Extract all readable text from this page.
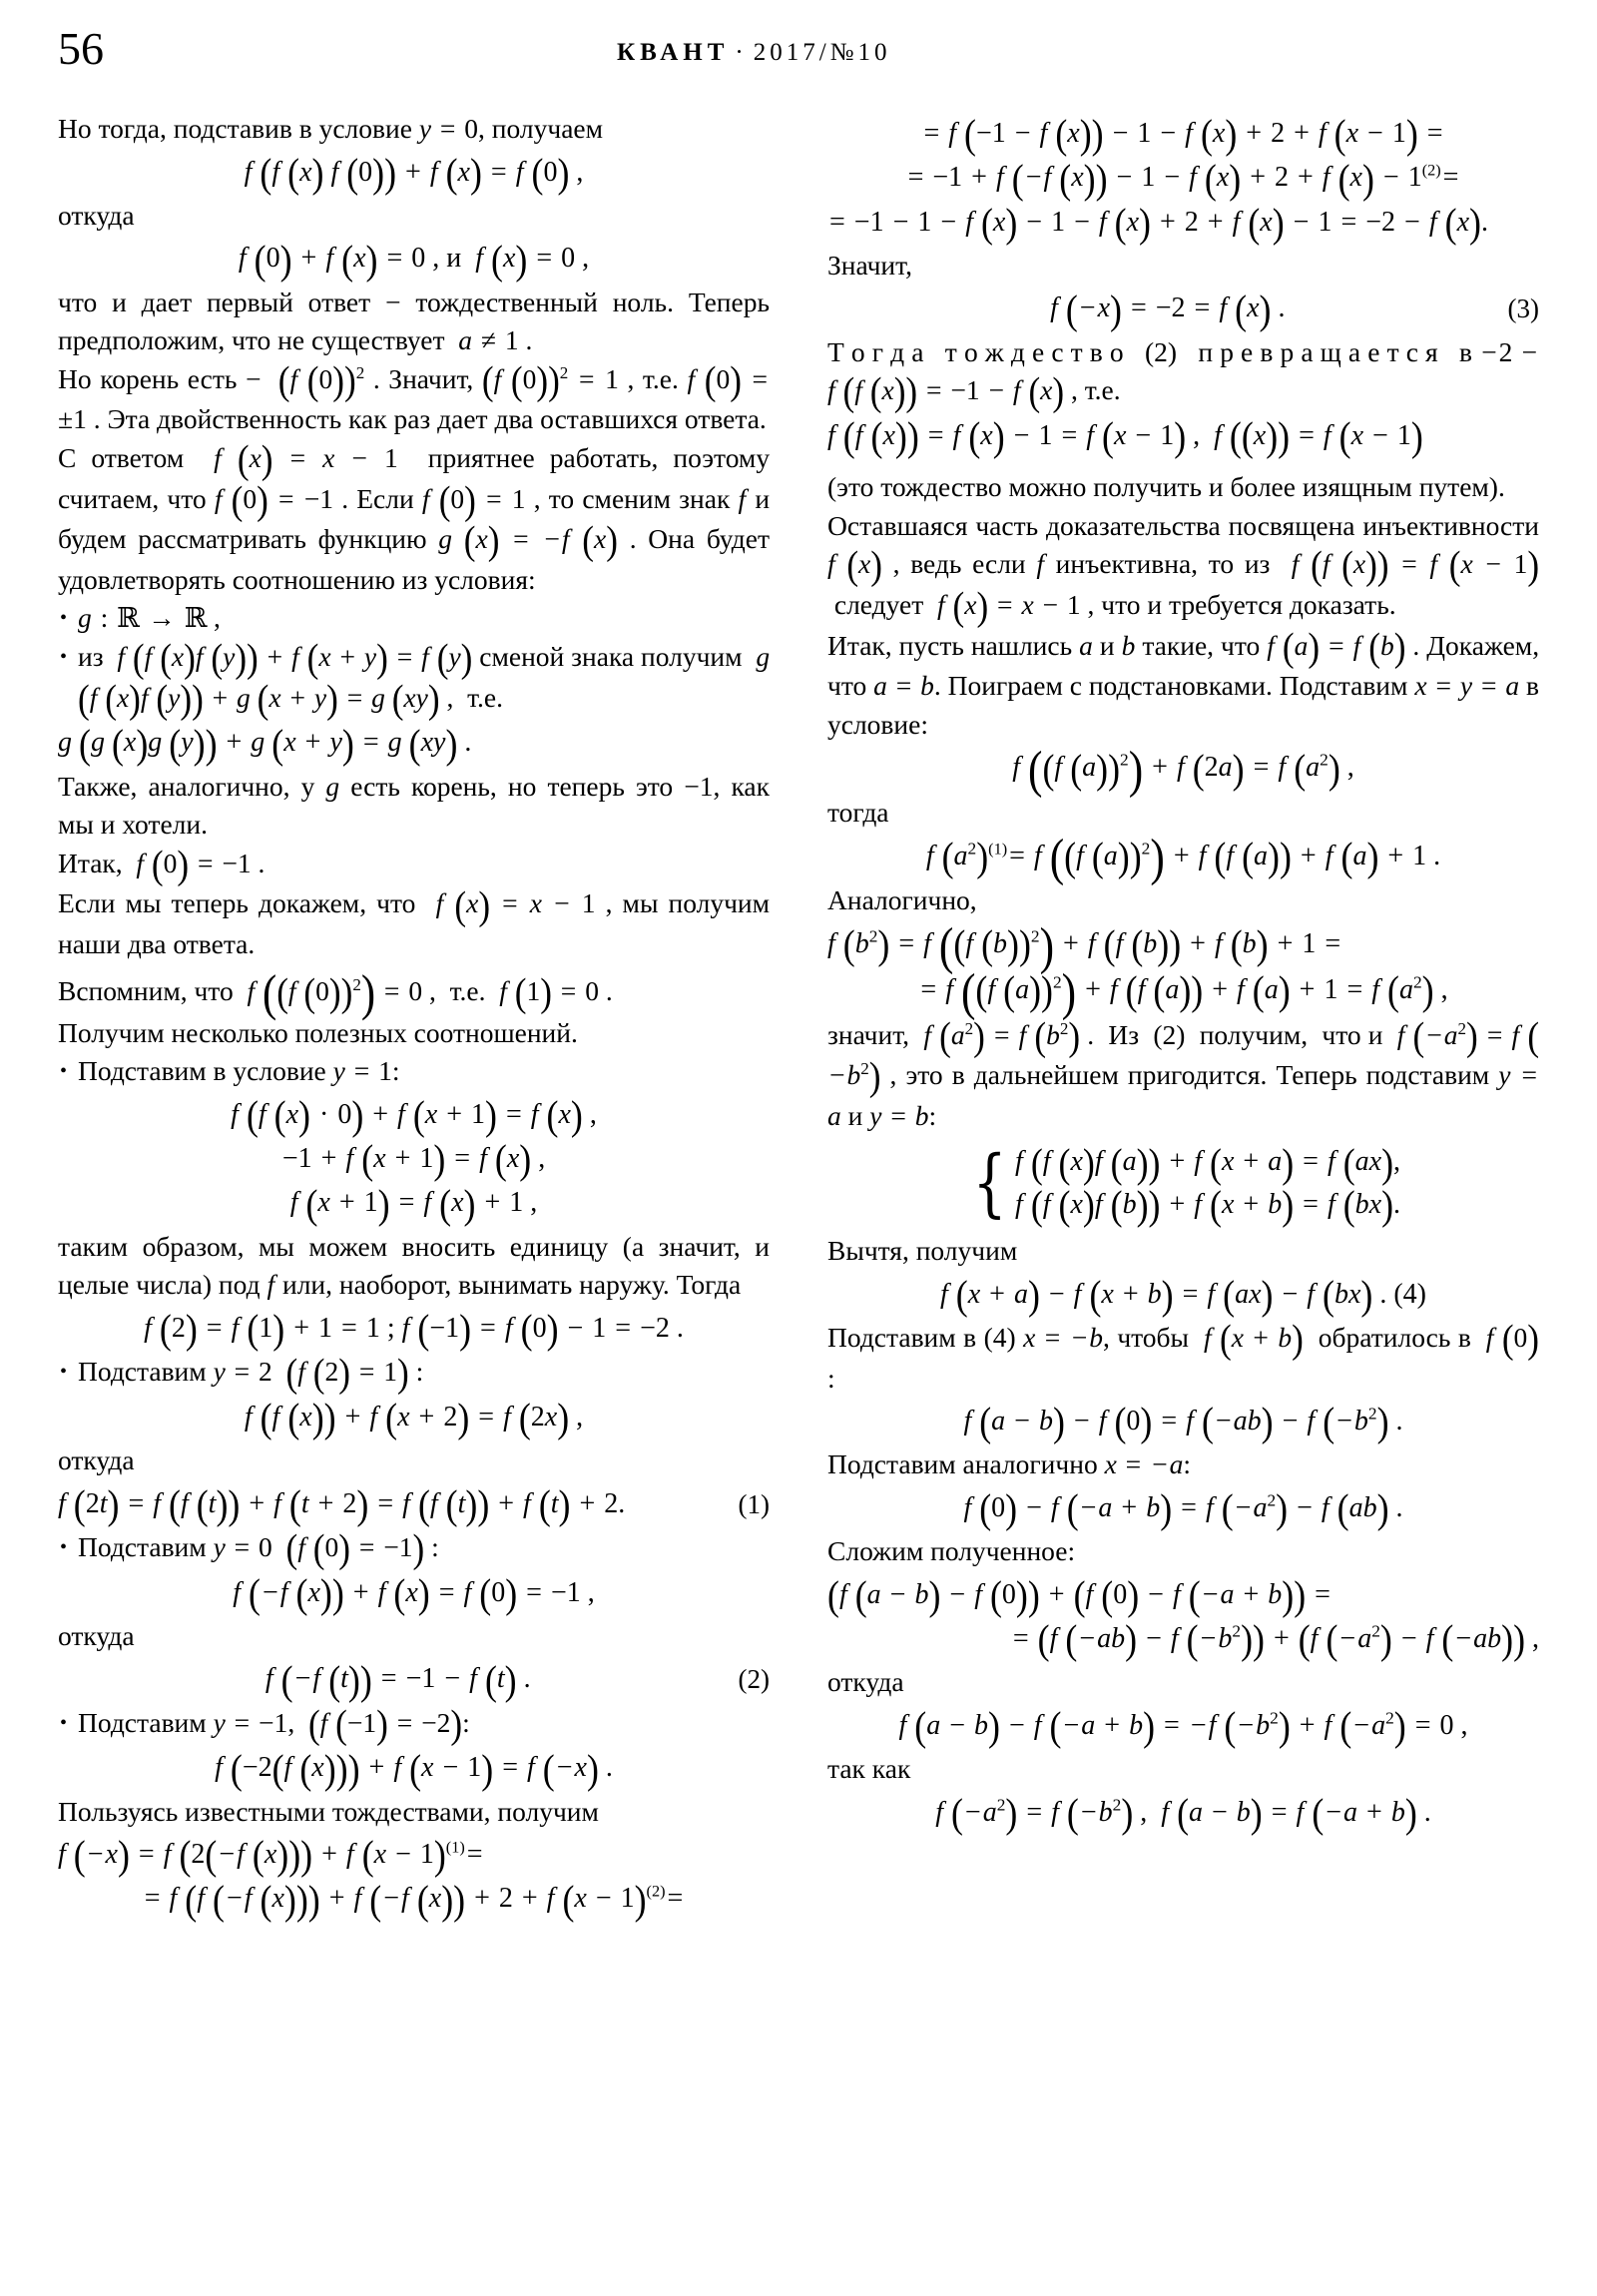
56	КВАНТ · 2017/№10

Но тогда, подставив в условие y = 0, получаем

f (f (x) f (0)) + f (x) = f (0) ,

откуда

f (0) + f (x) = 0 , и  f (x) = 0 ,

что и дает первый ответ − тождественный ноль. Теперь предположим, что не существует  a ≠ 1 .

Но корень есть −  (f (0))$^2$ . Значит, (f (0))$^2$ = 1 , т.е. f (0) = ±1 . Эта двойственность как раз дает два оставшихся ответа.

С ответом  f (x) = x − 1  приятнее работать, поэтому считаем, что f (0) = −1 . Если f (0) = 1 , то сменим знак f и будем рассматривать функцию g (x) = −f (x) . Она будет удовлетворять соотношению из условия:

• g : ℝ → ℝ ,
• из  f (f (x)f (y)) + f (x + y) = f (y) сменой знака получим  g (f (x)f (y)) + g (x + y) = g (xy) ,  т.е.
g (g (x)g (y)) + g (x + y) = g (xy) .

Также, аналогично, у g есть корень, но теперь это −1, как мы и хотели.

Итак,  f (0) = −1 .

Если мы теперь докажем, что  f (x) = x − 1 , мы получим наши два ответа.

Вспомним, что  f ((f (0))$^2$) = 0 ,  т.е.  f (1) = 0 .

Получим несколько полезных соотношений.

• Подставим в условие y = 1:
f (f (x) · 0) + f (x + 1) = f (x) ,
−1 + f (x + 1) = f (x) ,
f (x + 1) = f (x) + 1 ,

таким образом, мы можем вносить единицу (а значит, и целые числа) под f или, наоборот, вынимать наружу. Тогда

f (2) = f (1) + 1 = 1 ; f (−1) = f (0) − 1 = −2 .
• Подставим y = 2 (f (2) = 1) :
f (f (x)) + f (x + 2) = f (2x) ,

откуда

f (2t) = f (f (t)) + f (t + 2) = f (f (t)) + f (t) + 2.	(1)
• Подставим y = 0 (f (0) = −1) :
f (−f (x)) + f (x) = f (0) = −1 ,

откуда

f (−f (t)) = −1 − f (t) .	(2)
• Подставим y = −1,  (f (−1) = −2):
f (−2(f (x))) + f (x − 1) = f (−x) .

Пользуясь известными тождествами, получим

f (−x) = f (2(−f (x))) + f $(x - 1)^{(1)}=$
= f (f (−f (x))) + f (−f (x)) + 2 + f $(x - 1)^{(2)}=$
= f (−1 − f (x)) − 1 − f (x) + 2 + f (x − 1) =
= −1 + f (−f (x)) − 1 − f (x) + 2 + f $(x) - 1^{(2)}=$
= −1 − 1 − f (x) − 1 − f (x) + 2 + f (x) − 1 = −2 − f (x).

Значит,

f (−x) = −2 = f (x) .	(3)

Т о г д а   т о ж д е с т в о   (2)   п р е в р а щ а е т с я   в −2 − f (f (x)) = −1 − f (x) , т.е.

f (f (x)) = f (x) − 1 = f (x − 1) ,  f ((x)) = f (x − 1)

(это тождество можно получить и более изящным путем).

Оставшаяся часть доказательства посвящена инъективности f (x) , ведь если f инъективна, то из  f (f (x)) = f (x − 1)  следует  f (x) = x − 1 , что и требуется доказать.

Итак, пусть нашлись a и b такие, что f (a) = f (b) . Докажем, что a = b. Поиграем с подстановками. Подставим x = y = a в условие:

f ((f (a))$^2$) + f (2a) = f $(a^2)$ ,

тогда

f $(a^2)^{(1)}= f$ ((f (a))$^2$) + f (f (a)) + f (a) + 1 .

Аналогично,

f $(b^2) = f$ ((f (b))$^2$) + f (f (b)) + f (b) + 1 =
= f ((f (a))$^2$) + f (f (a)) + f (a) + 1 = f $(a^2)$ ,

значит,  f $(a^2) = f$ $(b^2)$ .  Из  (2)  получим,  что и  f $(-a^2) = f$ $(-b^2)$ , это в дальнейшем пригодится. Теперь подставим y = a и y = b:

{ f (f (x)f (a)) + f (x + a) = f (ax),
f (f (x)f (b)) + f (x + b) = f (bx).

Вычтя, получим

f (x + a) − f (x + b) = f (ax) − f (bx) . (4)

Подставим в (4) x = −b, чтобы  f (x + b)  обратилось в  f (0) :

f (a − b) − f (0) = f (−ab) − f $(-b^2)$ .

Подставим аналогично x = −a:

f (0) − f (−a + b) = f $(-a^2) - f$ (ab) .

Сложим полученное:

(f (a − b) − f (0)) + (f (0) − f (−a + b)) =
= (f (−ab) − f $(-b^2)) + (f$ $(-a^2) - f$ (−ab)) ,

откуда

f (a − b) − f (−a + b) = −f $(-b^2) + f$ $(-a^2) = 0$ ,

так как

f $(-a^2) = f$ $(-b^2)$ ,  f (a − b) = f (−a + b) .
